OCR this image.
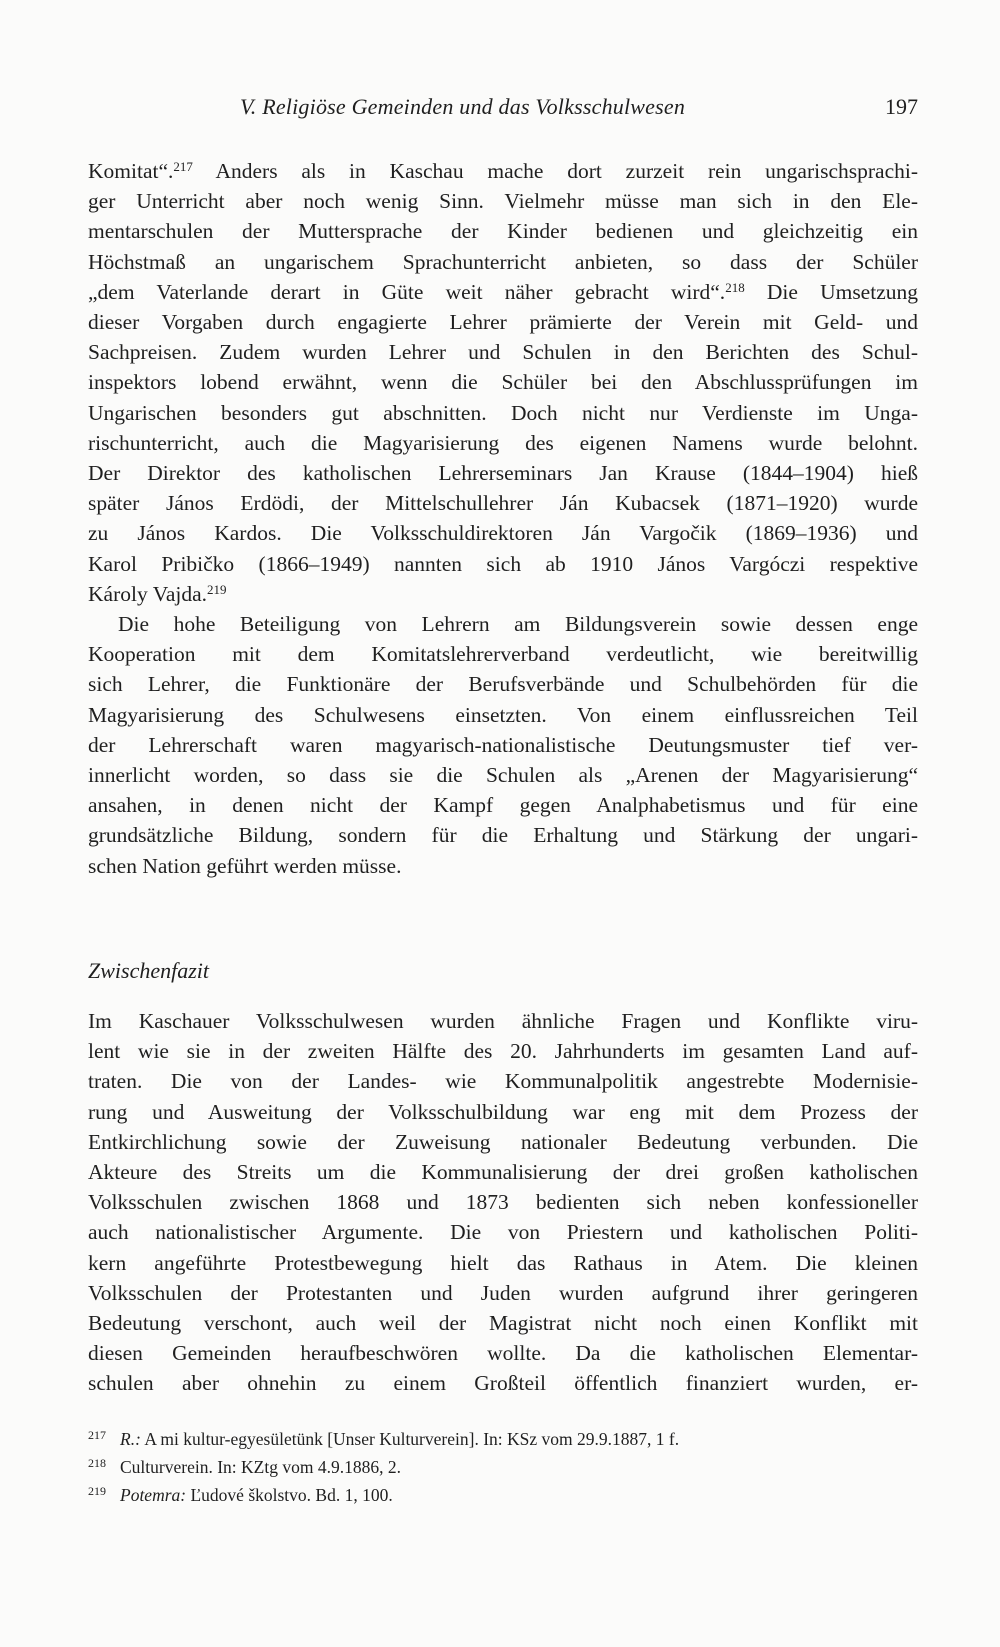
V. Religiöse Gemeinden und das Volksschulwesen	197
Komitat“.$^{217}$ Anders als in Kaschau mache dort zurzeit rein ungarischsprachi-
ger Unterricht aber noch wenig Sinn. Vielmehr müsse man sich in den Ele-
mentarschulen der Muttersprache der Kinder bedienen und gleichzeitig ein
Höchstmaß an ungarischem Sprachunterricht anbieten, so dass der Schüler
„dem Vaterlande derart in Güte weit näher gebracht wird“.$^{218}$ Die Umsetzung
dieser Vorgaben durch engagierte Lehrer prämierte der Verein mit Geld- und
Sachpreisen. Zudem wurden Lehrer und Schulen in den Berichten des Schul-
inspektors lobend erwähnt, wenn die Schüler bei den Abschlussprüfungen im
Ungarischen besonders gut abschnitten. Doch nicht nur Verdienste im Unga-
rischunterricht, auch die Magyarisierung des eigenen Namens wurde belohnt.
Der Direktor des katholischen Lehrerseminars Jan Krause (1844–1904) hieß
später János Erdödi, der Mittelschullehrer Ján Kubacsek (1871–1920) wurde
zu János Kardos. Die Volksschuldirektoren Ján Vargočik (1869–1936) und
Karol Pribičko (1866–1949) nannten sich ab 1910 János Vargóczi respektive
Károly Vajda.$^{219}$
Die hohe Beteiligung von Lehrern am Bildungsverein sowie dessen enge
Kooperation mit dem Komitatslehrerverband verdeutlicht, wie bereitwillig
sich Lehrer, die Funktionäre der Berufsverbände und Schulbehörden für die
Magyarisierung des Schulwesens einsetzten. Von einem einflussreichen Teil
der Lehrerschaft waren magyarisch-nationalistische Deutungsmuster tief ver-
innerlicht worden, so dass sie die Schulen als „Arenen der Magyarisierung“
ansahen, in denen nicht der Kampf gegen Analphabetismus und für eine
grundsätzliche Bildung, sondern für die Erhaltung und Stärkung der ungari-
schen Nation geführt werden müsse.
Zwischenfazit
Im Kaschauer Volksschulwesen wurden ähnliche Fragen und Konflikte viru-
lent wie sie in der zweiten Hälfte des 20. Jahrhunderts im gesamten Land auf-
traten. Die von der Landes- wie Kommunalpolitik angestrebte Modernisie-
rung und Ausweitung der Volksschulbildung war eng mit dem Prozess der
Entkirchlichung sowie der Zuweisung nationaler Bedeutung verbunden. Die
Akteure des Streits um die Kommunalisierung der drei großen katholischen
Volksschulen zwischen 1868 und 1873 bedienten sich neben konfessioneller
auch nationalistischer Argumente. Die von Priestern und katholischen Politi-
kern angeführte Protestbewegung hielt das Rathaus in Atem. Die kleinen
Volksschulen der Protestanten und Juden wurden aufgrund ihrer geringeren
Bedeutung verschont, auch weil der Magistrat nicht noch einen Konflikt mit
diesen Gemeinden heraufbeschwören wollte. Da die katholischen Elementar-
schulen aber ohnehin zu einem Großteil öffentlich finanziert wurden, er-
217 R.: A mi kultur-egyesületünk [Unser Kulturverein]. In: KSz vom 29.9.1887, 1 f.
218 Culturverein. In: KZtg vom 4.9.1886, 2.
219 Potemra: Ľudové školstvo. Bd. 1, 100.
